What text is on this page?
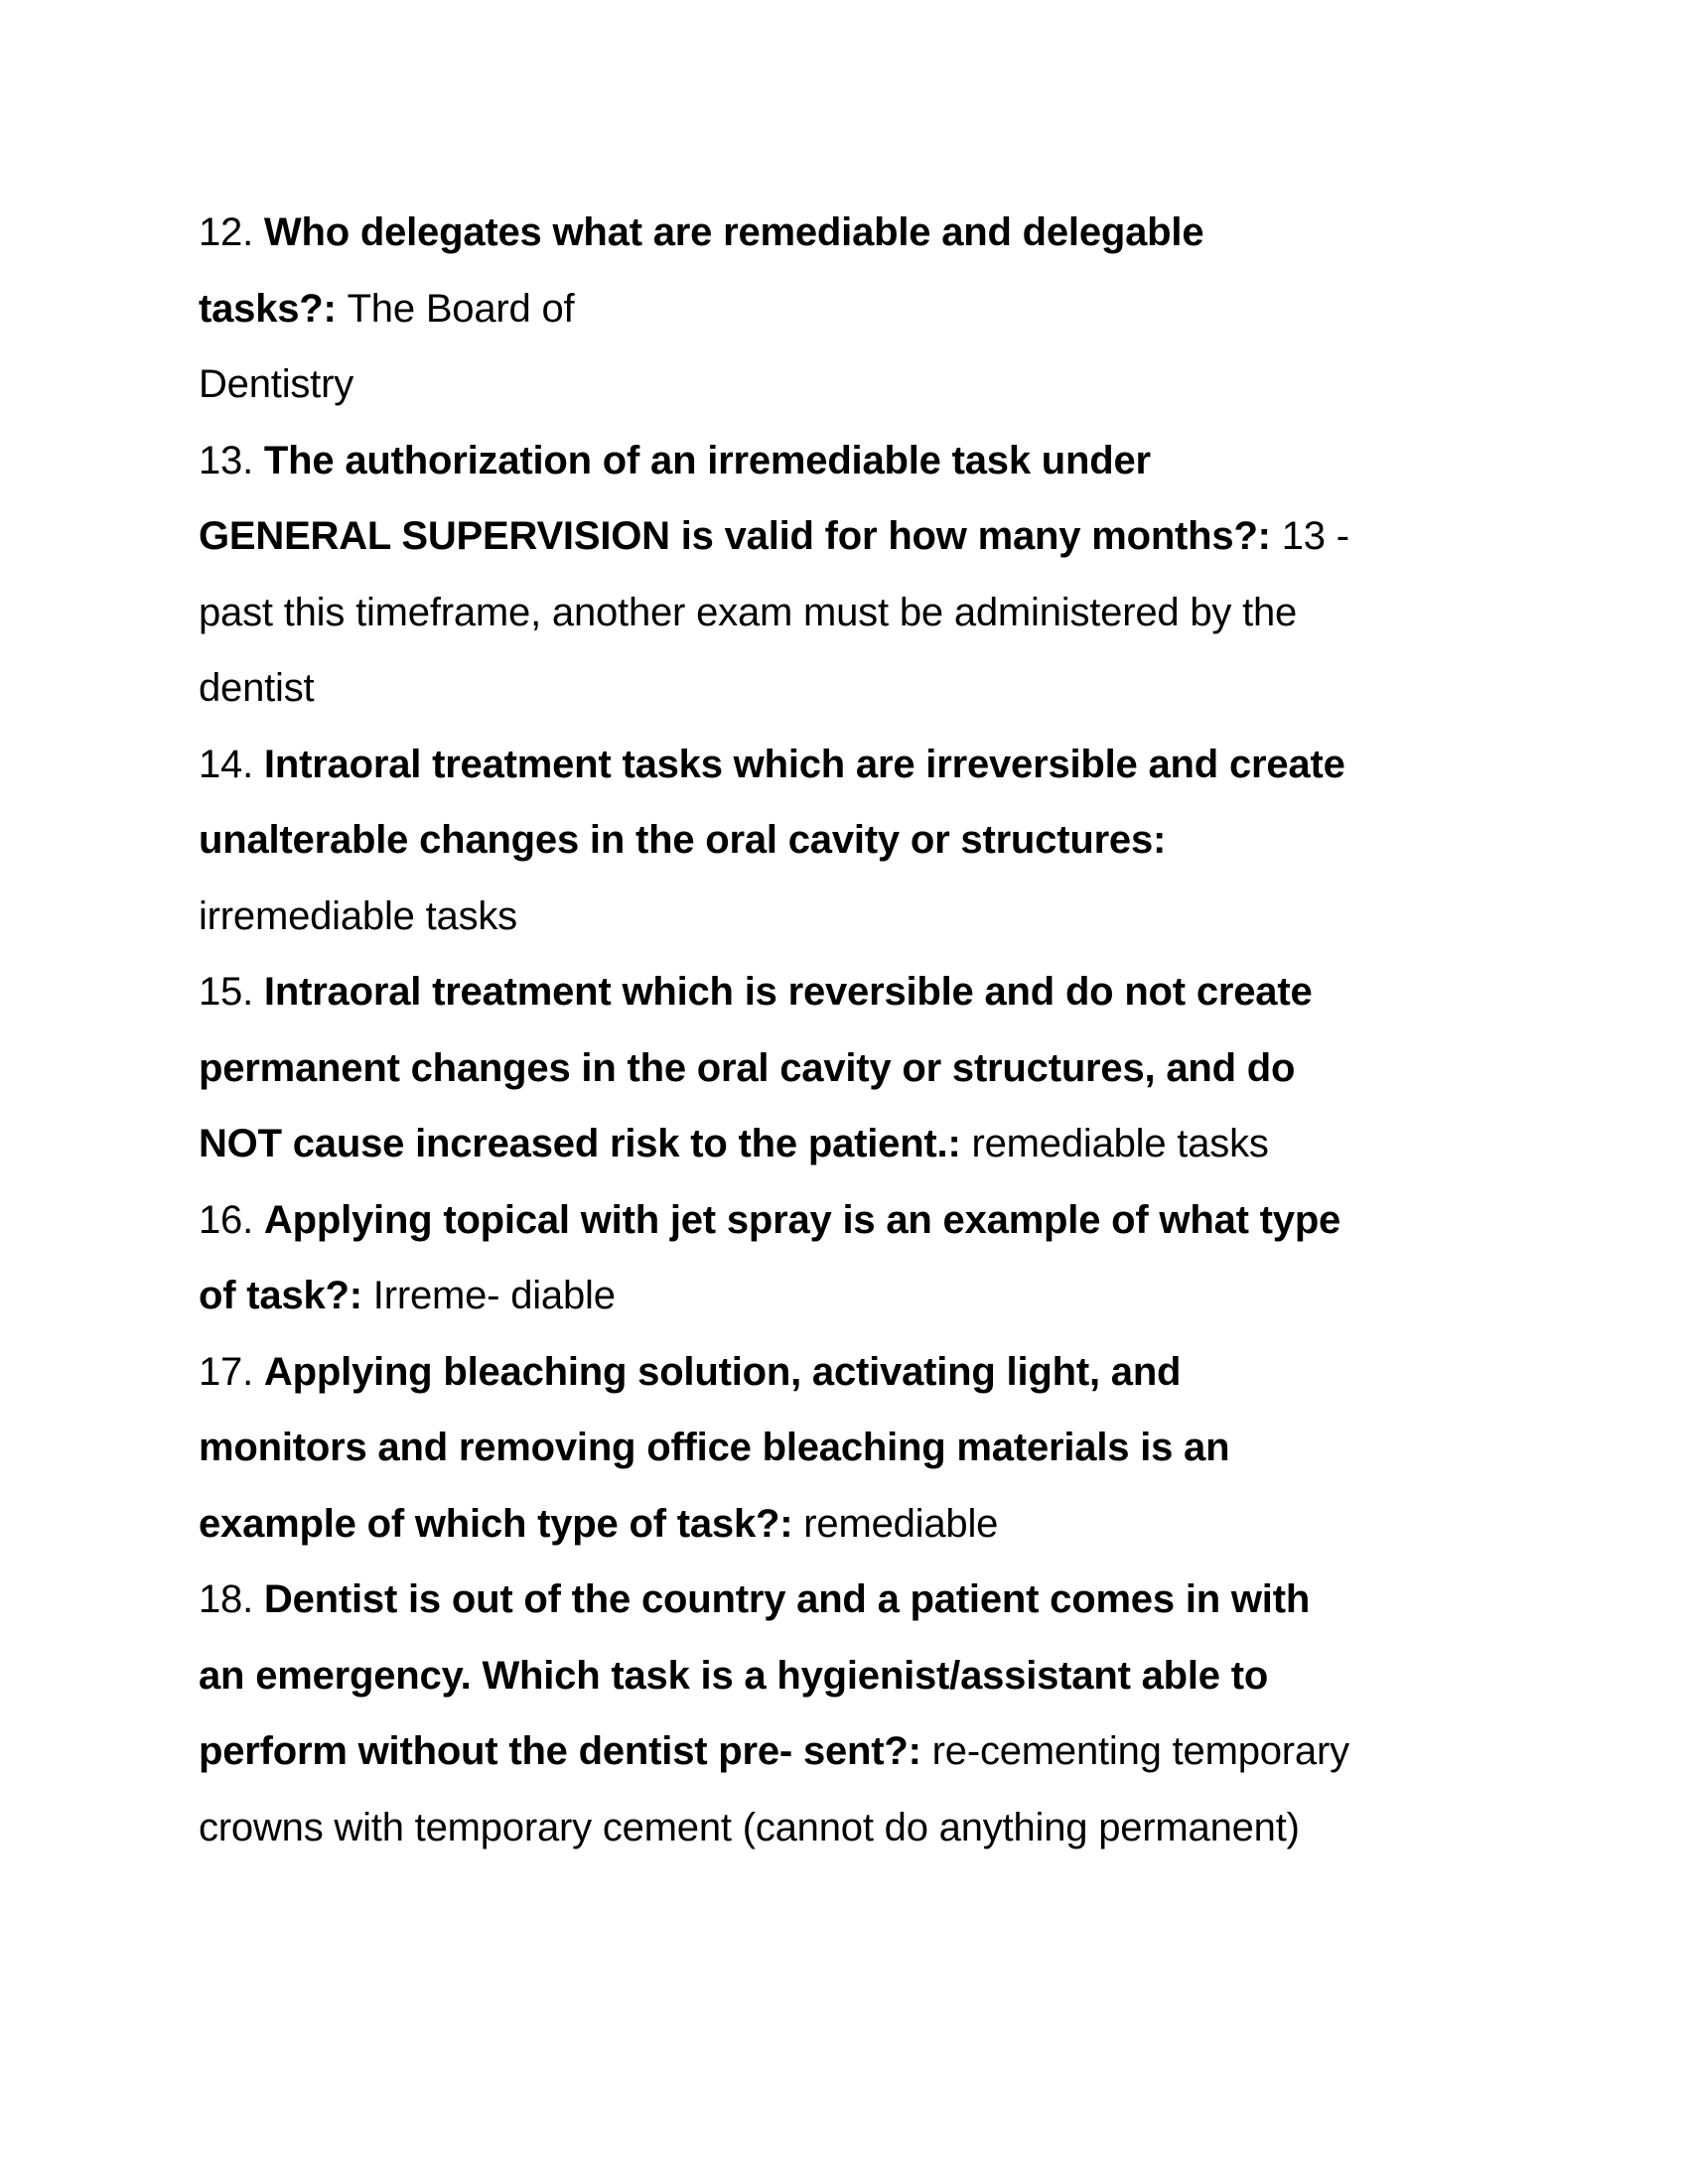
12. Who delegates what are remediable and delegable
tasks?: The Board of
Dentistry
13. The authorization of an irremediable task under
GENERAL SUPERVISION is valid for how many months?: 13 -
past this timeframe, another exam must be administered by the
dentist
14. Intraoral treatment tasks which are irreversible and create
unalterable changes in the oral cavity or structures:
irremediable tasks
15. Intraoral treatment which is reversible and do not create
permanent changes in the oral cavity or structures, and do
NOT cause increased risk to the patient.: remediable tasks
16. Applying topical with jet spray is an example of what type
of task?: Irreme- diable
17. Applying bleaching solution, activating light, and
monitors and removing office bleaching materials is an
example of which type of task?: remediable
18. Dentist is out of the country and a patient comes in with
an emergency. Which task is a hygienist/assistant able to
perform without the dentist pre- sent?: re-cementing temporary
crowns with temporary cement (cannot do anything permanent)
